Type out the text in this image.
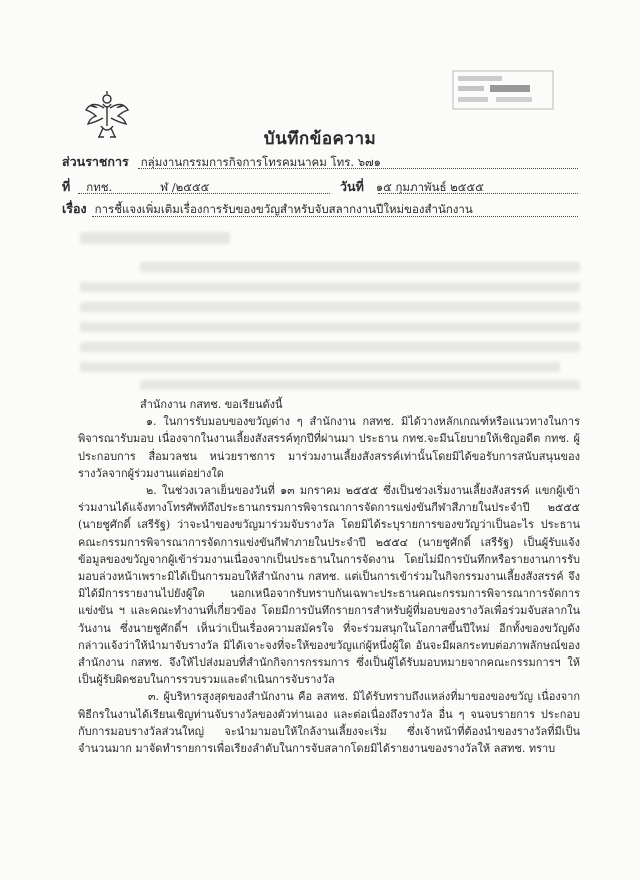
บันทึกข้อความ
ส่วนราชการ กลุ่มงานกรรมการกิจการโทรคมนาคม โทร. ๖๗๑
ที่ กทช.	ฬ /๒๕๕๕	วันที่ ๑๕ กุมภาพันธ์ ๒๕๕๕
เรื่อง การชี้แจงเพิ่มเติมเรื่องการรับของขวัญสำหรับจับสลากงานปีใหม่ของสำนักงาน

สำนักงาน กสทช. ขอเรียนดังนี้

๑. ในการรับมอบของขวัญต่าง ๆ สำนักงาน กสทช. มิได้วางหลักเกณฑ์หรือแนวทางในการพิจารณารับมอบ เนื่องจากในงานเลี้ยงสังสรรค์ทุกปีที่ผ่านมา ประธาน กทช.จะมีนโยบายให้เชิญอดีต กทช. ผู้ประกอบการ สื่อมวลชน หน่วยราชการ มาร่วมงานเลี้ยงสังสรรค์เท่านั้นโดยมิได้ขอรับการสนับสนุนของรางวัลจากผู้ร่วมงานแต่อย่างใด

๒. ในช่วงเวลาเย็นของวันที่ ๑๓ มกราคม ๒๕๕๕ ซึ่งเป็นช่วงเริ่มงานเลี้ยงสังสรรค์ แขกผู้เข้าร่วมงานได้แจ้งทางโทรศัพท์ถึงประธานกรรมการพิจารณาการจัดการแข่งขันกีฬาสีภายในประจำปี ๒๕๕๕ (นายชูศักดิ์ เสรีรัฐ) ว่าจะนำของขวัญมาร่วมจับรางวัล โดยมิได้ระบุรายการของขวัญว่าเป็นอะไร ประธานคณะกรรมการพิจารณาการจัดการแข่งขันกีฬาภายในประจำปี ๒๕๕๔ (นายชูศักดิ์ เสรีรัฐ) เป็นผู้รับแจ้งข้อมูลของขวัญจากผู้เข้าร่วมงานเนื่องจากเป็นประธานในการจัดงาน โดยไม่มีการบันทึกหรือรายงานการรับมอบล่วงหน้าเพราะมิได้เป็นการมอบให้สำนักงาน กสทช. แต่เป็นการเข้าร่วมในกิจกรรมงานเลี้ยงสังสรรค์ จึงมิได้มีการรายงานไปยังผู้ใด นอกเหนือจากรับทราบกันเฉพาะประธานคณะกรรมการพิจารณาการจัดการแข่งขัน ฯ และคณะทำงานที่เกี่ยวข้อง โดยมีการบันทึกรายการสำหรับผู้ที่มอบของรางวัลเพื่อร่วมจับสลากในวันงาน ซึ่งนายชูศักดิ์ฯ เห็นว่าเป็นเรื่องความสมัครใจ ที่จะร่วมสนุกในโอกาสขึ้นปีใหม่ อีกทั้งของขวัญดังกล่าวแจ้งว่าให้นำมาจับรางวัล มิได้เจาะจงที่จะให้ของขวัญแก่ผู้หนึ่งผู้ใด อันจะมีผลกระทบต่อภาพลักษณ์ของสำนักงาน กสทช. จึงให้ไปส่งมอบที่สำนักกิจการกรรมการ ซึ่งเป็นผู้ได้รับมอบหมายจากคณะกรรมการฯ ให้เป็นผู้รับผิดชอบในการรวบรวมและดำเนินการจับรางวัล

๓. ผู้บริหารสูงสุดของสำนักงาน คือ ลสทช. มิได้รับทราบถึงแหล่งที่มาของของขวัญ เนื่องจากพิธีกรในงานได้เรียนเชิญท่านจับรางวัลของตัวท่านเอง และต่อเนื่องถึงรางวัล อื่น ๆ จนจบรายการ ประกอบกับการมอบรางวัลส่วนใหญ่ จะนำมามอบให้ใกล้งานเลี้ยงจะเริ่ม ซึ่งเจ้าหน้าที่ต้องนำของรางวัลที่มีเป็นจำนวนมาก มาจัดทำรายการเพื่อเรียงลำดับในการจับสลากโดยมิได้รายงานของรางวัลให้ ลสทช. ทราบ
